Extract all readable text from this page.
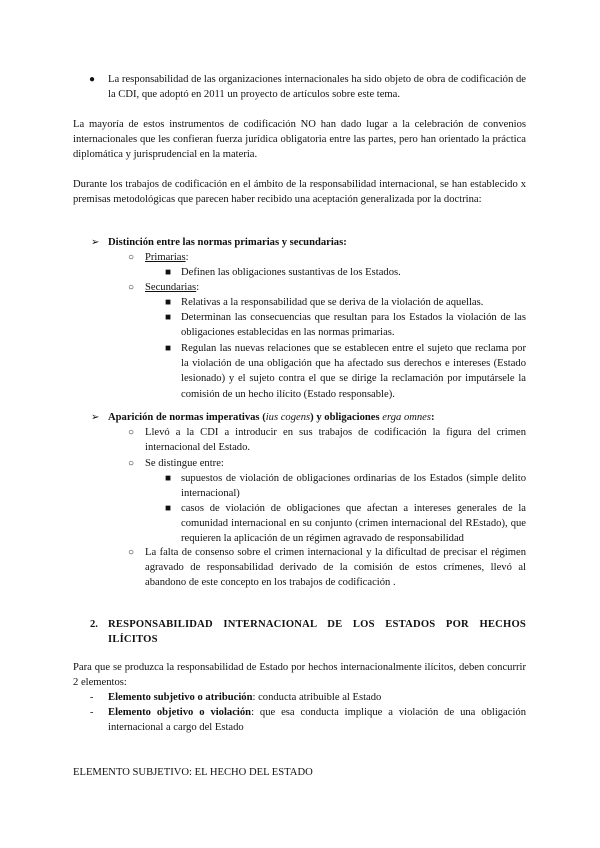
● La responsabilidad de las organizaciones internacionales ha sido objeto de obra de codificación de la CDI, que adoptó en 2011 un proyecto de artículos sobre este tema.
La mayoría de estos instrumentos de codificación NO han dado lugar a la celebración de convenios internacionales que les confieran fuerza jurídica obligatoria entre las partes, pero han orientado la práctica diplomática y jurisprudencial en la materia.
Durante los trabajos de codificación en el ámbito de la responsabilidad internacional, se han establecido x premisas metodológicas que parecen haber recibido una aceptación generalizada por la doctrina:
➢ Distinción entre las normas primarias y secundarias:
○ Primarias:
■ Definen las obligaciones sustantivas de los Estados.
○ Secundarias:
■ Relativas a la responsabilidad que se deriva de la violación de aquellas.
■ Determinan las consecuencias que resultan para los Estados la violación de las obligaciones establecidas en las normas primarias.
■ Regulan las nuevas relaciones que se establecen entre el sujeto que reclama por la violación de una obligación que ha afectado sus derechos e intereses (Estado lesionado) y el sujeto contra el que se dirige la reclamación por imputársele la comisión de un hecho ilícito (Estado responsable).
➢ Aparición de normas imperativas (ius cogens) y obligaciones erga omnes:
○ Llevó a la CDI a introducir en sus trabajos de codificación la figura del crimen internacional del Estado.
○ Se distingue entre:
■ supuestos de violación de obligaciones ordinarias de los Estados (simple delito internacional)
■ casos de violación de obligaciones que afectan a intereses generales de la comunidad internacional en su conjunto (crimen internacional del REstado), que requieren la aplicación de un régimen agravado de responsabilidad
○ La falta de consenso sobre el crimen internacional y la dificultad de precisar el régimen agravado de responsabilidad derivado de la comisión de estos crímenes, llevó al abandono de este concepto en los trabajos de codificación .
2. RESPONSABILIDAD INTERNACIONAL DE LOS ESTADOS POR HECHOS ILÍCITOS
Para que se produzca la responsabilidad de Estado por hechos internacionalmente ilícitos, deben concurrir 2 elementos:
- Elemento subjetivo o atribución: conducta atribuible al Estado
- Elemento objetivo o violación: que esa conducta implique a violación de una obligación internacional a cargo del Estado
ELEMENTO SUBJETIVO: EL HECHO DEL ESTADO
